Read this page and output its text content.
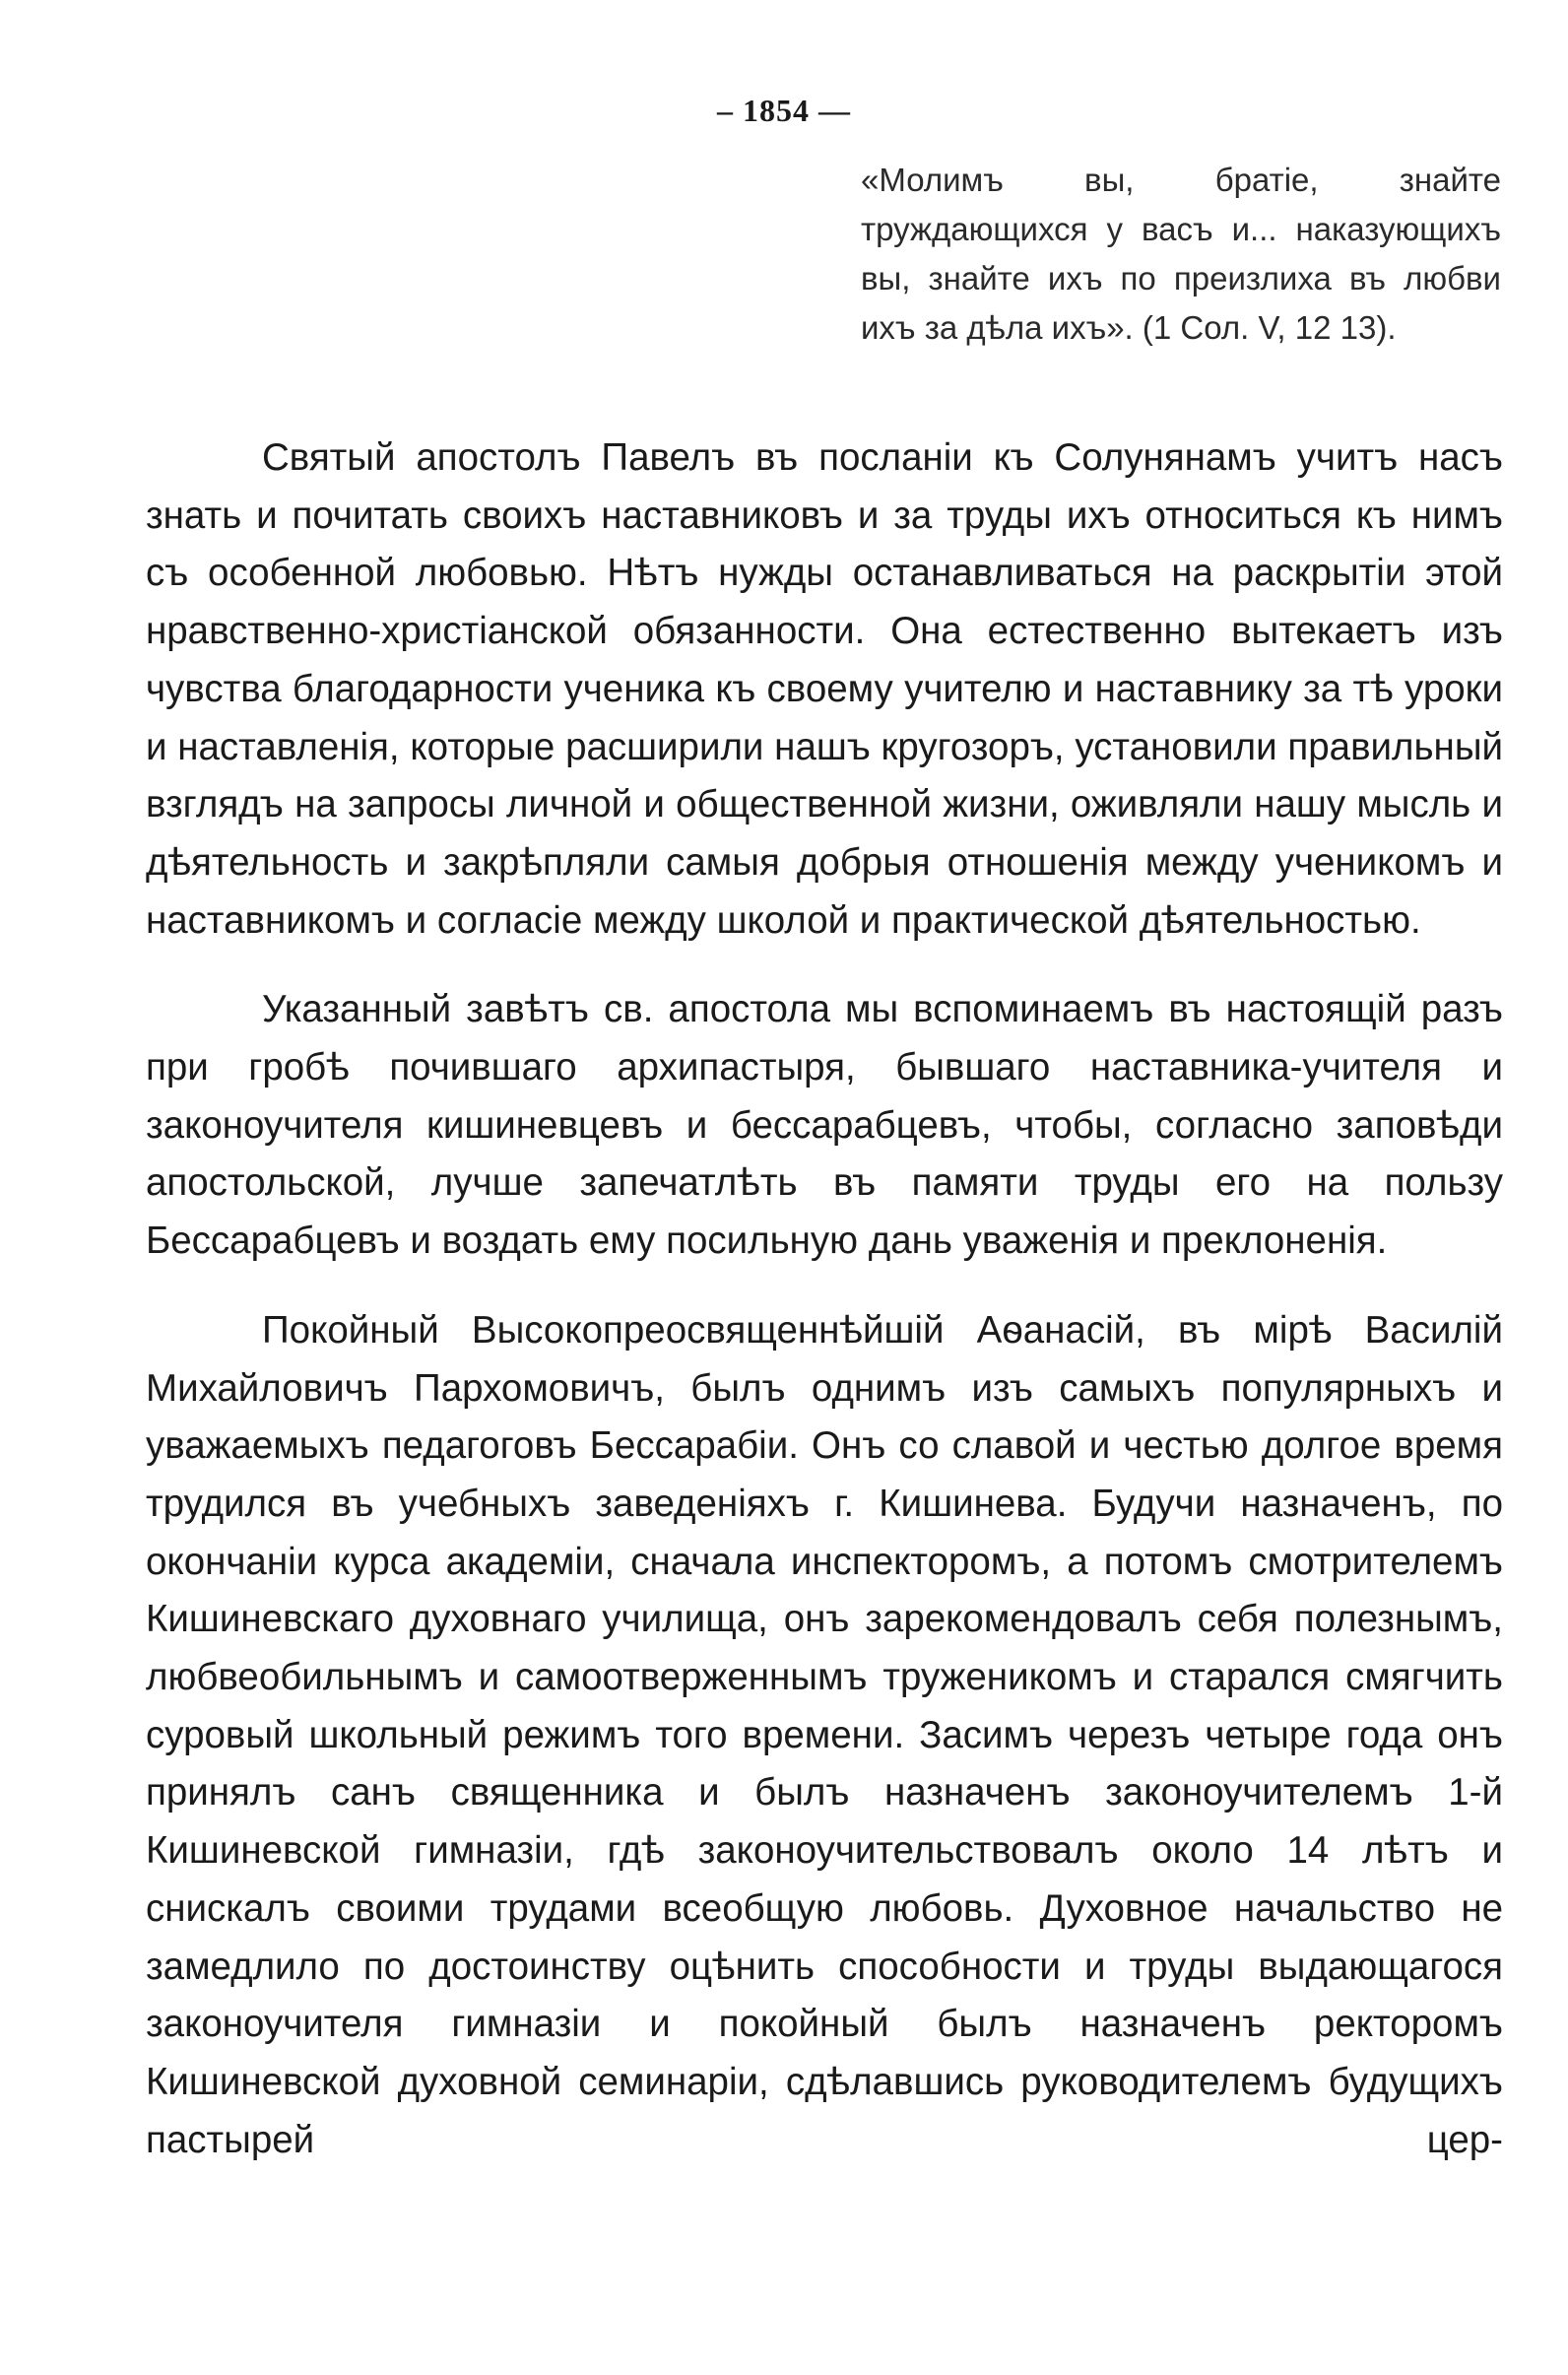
– 1854 —
«Молимъ вы, братіе, знайте труждающихся у васъ и... наказующихъ вы, знайте ихъ по преизлиха въ любви ихъ за дѣла ихъ». (1 Сол. V, 12 13).

Святый апостолъ Павелъ въ посланіи къ Солунянамъ учитъ насъ знать и почитать своихъ наставниковъ и за труды ихъ относиться къ нимъ съ особенной любовью. Нѣтъ нужды останавливаться на раскрытіи этой нравственно-христіанской обязанности. Она естественно вытекаетъ изъ чувства благодарности ученика къ своему учителю и наставнику за тѣ уроки и наставленія, которые расширили нашъ кругозоръ, установили правильный взглядъ на запросы личной и общественной жизни, оживляли нашу мысль и дѣятельность и закрѣпляли самыя добрыя отношенія между ученикомъ и наставникомъ и согласіе между школой и практической дѣятельностью.

Указанный завѣтъ св. апостола мы вспоминаемъ въ настоящій разъ при гробѣ почившаго архипастыря, бывшаго наставника-учителя и законоучителя кишиневцевъ и бессарабцевъ, чтобы, согласно заповѣди апостольской, лучше запечатлѣть въ памяти труды его на пользу Бессарабцевъ и воздать ему посильную дань уваженія и преклоненія.

Покойный Высокопреосвященнѣйшій Аѳанасій, въ мірѣ Василій Михайловичъ Пархомовичъ, былъ однимъ изъ самыхъ популярныхъ и уважаемыхъ педагоговъ Бессарабіи. Онъ со славой и честью долгое время трудился въ учебныхъ заведеніяхъ г. Кишинева. Будучи назначенъ, по окончаніи курса академіи, сначала инспекторомъ, а потомъ смотрителемъ Кишиневскаго духовнаго училища, онъ зарекомендовалъ себя полезнымъ, любвеобильнымъ и самоотверженнымъ труженикомъ и старался смягчить суровый школьный режимъ того времени. Засимъ черезъ четыре года онъ принялъ санъ священника и былъ назначенъ законоучителемъ 1-й Кишиневской гимназіи, гдѣ законоучительствовалъ около 14 лѣтъ и снискалъ своими трудами всеобщую любовь. Духовное начальство не замедлило по достоинству оцѣнить способности и труды выдающагося законоучителя гимназіи и покойный былъ назначенъ ректоромъ Кишиневской духовной семинаріи, сдѣлавшись руководителемъ будущихъ пастырей цер-
